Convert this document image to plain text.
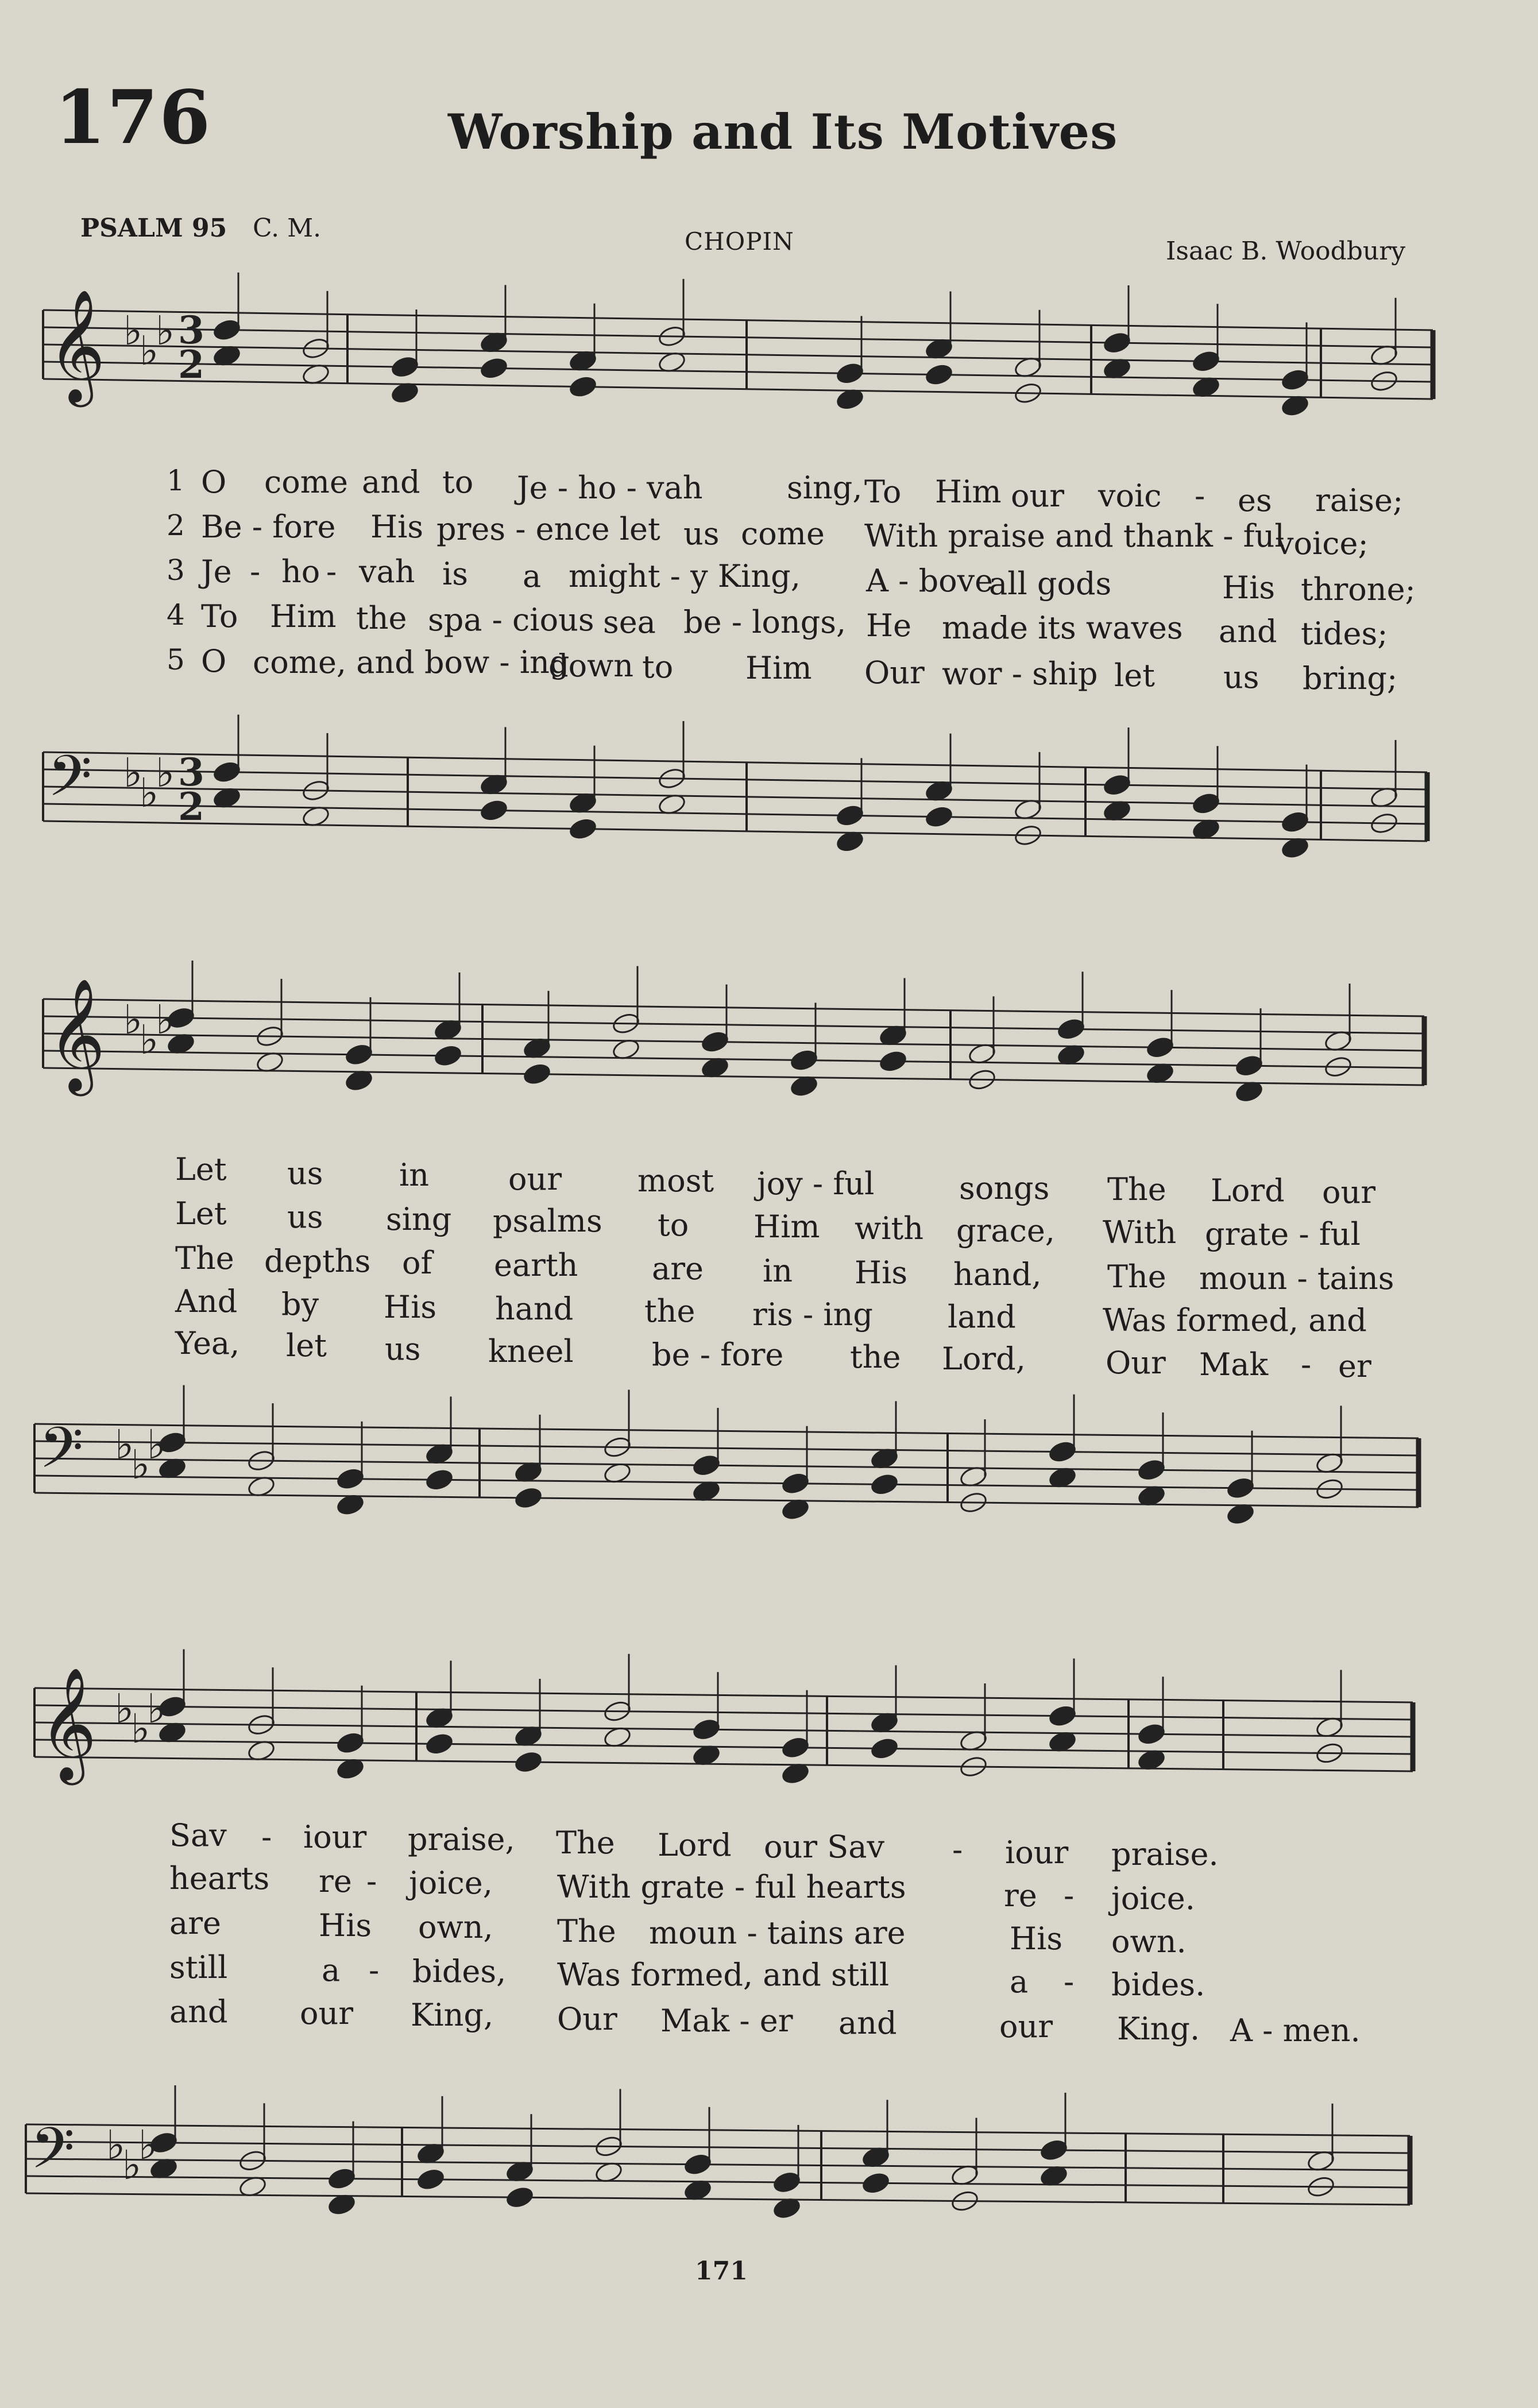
176	Worship and Its Motives
PSALM 95 C. M.	CHOPIN	Isaac B. Woodbury
𝄞 ♭
♭
♭ 3
2
𝄢 ♭
♭
♭ 3
2
𝄞 ♭
♭
♭
𝄢 ♭
♭
♭
𝄞 ♭
♭
♭
𝄢 ♭
♭
♭
1
2
3
4
5
O come and to Je - ho - vah	sing, To Him our voic - es raise;
Be - fore His pres - ence let us come With praise and thank - ful
voice;
Je - ho - vah is a might - y King, A - bove
all gods	His throne;
To Him the spa - cious sea be - longs, He made its waves and tides;
O come, and bow - ing
down to Him Our wor - ship let us bring;
Let us in	our most joy - ful	songs The Lord our
Let us sing psalms to Him with grace, With grate - ful
The depths of earth are in His hand, The moun - tains
And by His hand the ris - ing land	Was formed, and
Yea, let us kneel	be - fore the Lord,	Our Mak - er
Sav - iour praise, The Lord our Sav - iour praise.
hearts re - joice, With grate - ful hearts	re - joice.
are	His own, The moun - tains are	His own.
still	a - bides, Was formed, and still	a - bides.
and our King, Our Mak - er and	our King. A - men.
171
